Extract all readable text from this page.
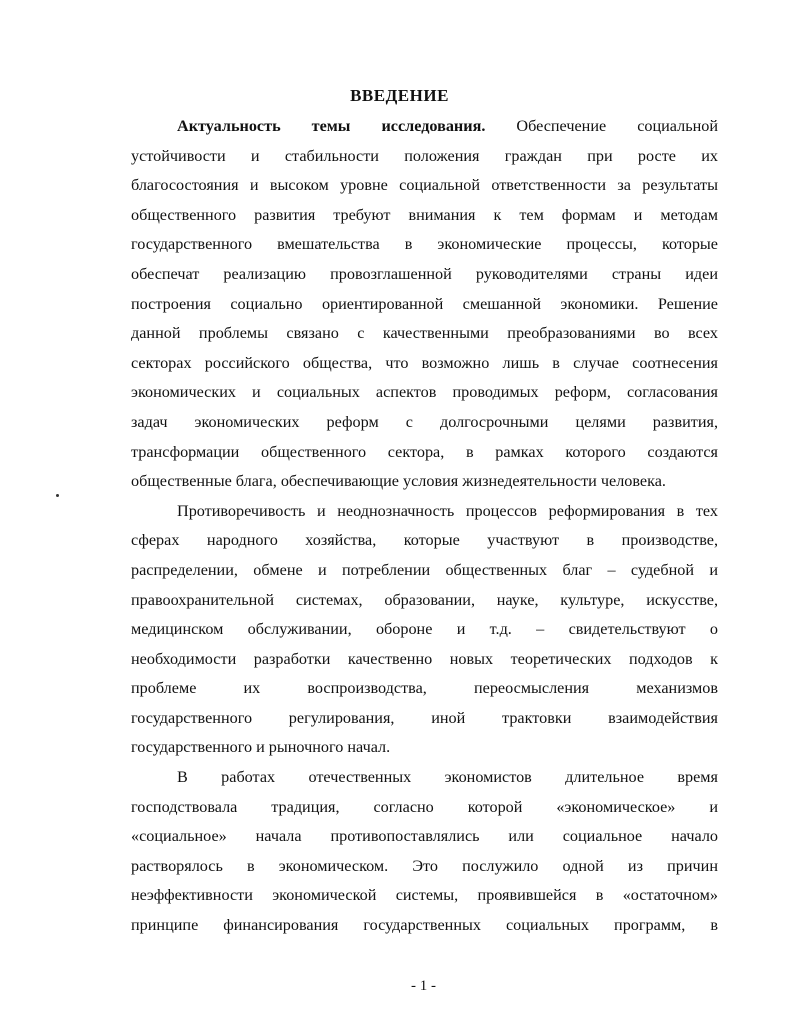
ВВЕДЕНИЕ
Актуальность темы исследования. Обеспечение социальной
устойчивости и стабильности положения граждан при росте их
благосостояния и высоком уровне социальной ответственности за результаты
общественного развития требуют внимания к тем формам и методам
государственного вмешательства в экономические процессы, которые
обеспечат реализацию провозглашенной руководителями страны идеи
построения социально ориентированной смешанной экономики. Решение
данной проблемы связано с качественными преобразованиями во всех
секторах российского общества, что возможно лишь в случае соотнесения
экономических и социальных аспектов проводимых реформ, согласования
задач экономических реформ с долгосрочными целями развития,
трансформации общественного сектора, в рамках которого создаются
общественные блага, обеспечивающие условия жизнедеятельности человека.
Противоречивость и неоднозначность процессов реформирования в тех
сферах народного хозяйства, которые участвуют в производстве,
распределении, обмене и потреблении общественных благ – судебной и
правоохранительной системах, образовании, науке, культуре, искусстве,
медицинском обслуживании, обороне и т.д. – свидетельствуют о
необходимости разработки качественно новых теоретических подходов к
проблеме их воспроизводства, переосмысления механизмов
государственного регулирования, иной трактовки взаимодействия
государственного и рыночного начал.
В работах отечественных экономистов длительное время
господствовала традиция, согласно которой «экономическое» и
«социальное» начала противопоставлялись или социальное начало
растворялось в экономическом. Это послужило одной из причин
неэффективности экономической системы, проявившейся в «остаточном»
принципе финансирования государственных социальных программ, в
- 1 -
